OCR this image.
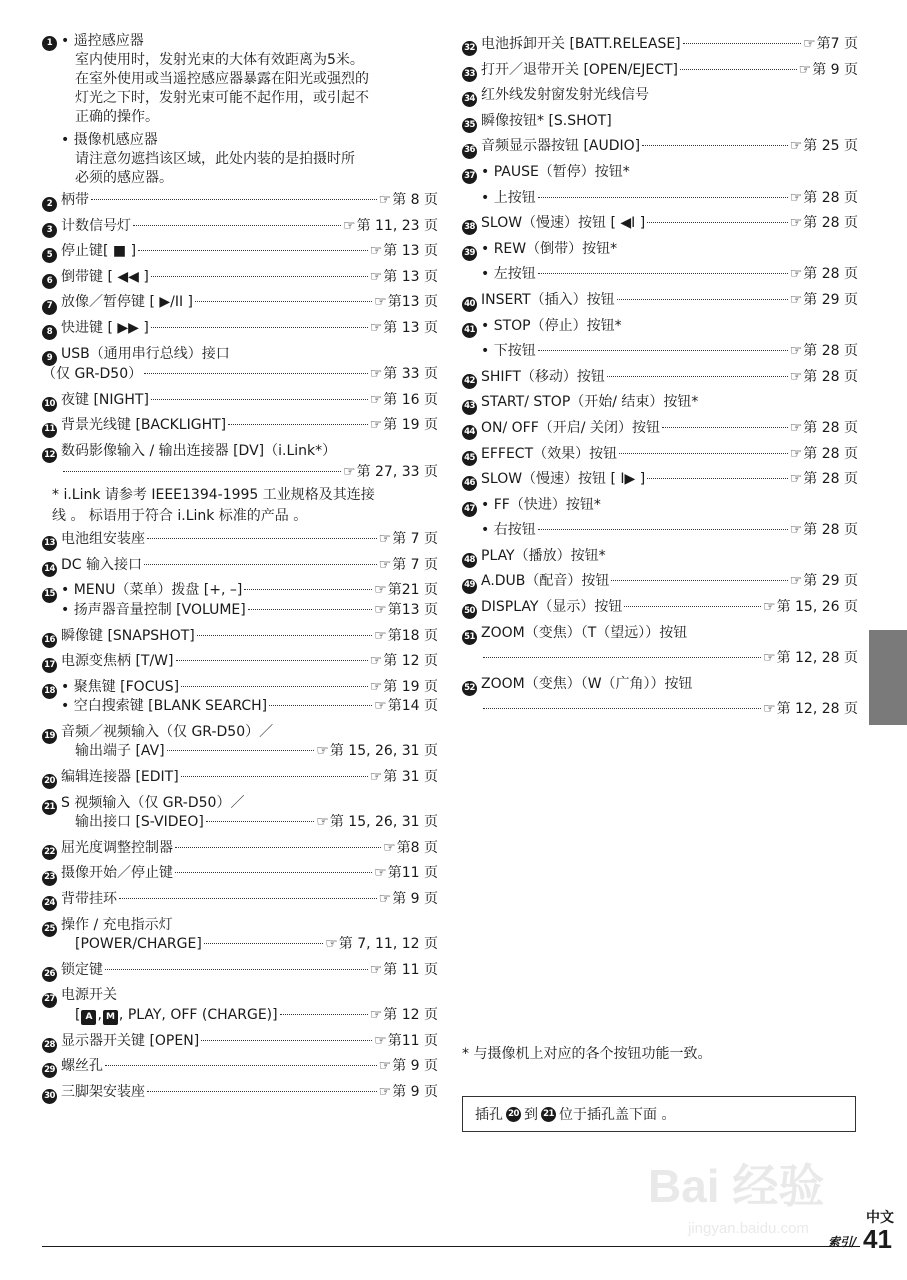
1 • 遥控感应器
室内使用时，发射光束的大体有效距离为5米。
在室外使用或当遥控感应器暴露在阳光或强烈的
灯光之下时，发射光束可能不起作用，或引起不
正确的操作。
• 摄像机感应器
请注意勿遮挡该区域，此处内装的是拍摄时所
必须的感应器。
2 柄带	☞ 第 8 页
3 计数信号灯	☞ 第 11, 23 页
5 停止键[ ■ ]	☞ 第 13 页
6 倒带键 [ ◀◀ ]	☞ 第 13 页
7 放像／暂停键 [ ▶/II ]	☞ 第13 页
8 快进键 [ ▶▶ ]	☞ 第 13 页
9 USB（通用串行总线）接口
（仅 GR-D50）	☞ 第 33 页
10 夜键 [NIGHT]	☞ 第 16 页
11 背景光线键 [BACKLIGHT]	☞ 第 19 页
12 数码影像输入 / 输出连接器 [DV]（i.Link*）
☞ 第 27, 33 页
* i.Link 请参考 IEEE1394-1995 工业规格及其连接
线 。 标语用于符合 i.Link 标准的产品 。
13 电池组安装座	☞ 第 7 页
14 DC 输入接口	☞ 第 7 页
15 • MENU（菜单）拨盘 [+, –]	☞ 第21 页
• 扬声器音量控制 [VOLUME]	☞ 第13 页
16 瞬像键 [SNAPSHOT]	☞ 第18 页
17 电源变焦柄 [T/W]	☞ 第 12 页
18 • 聚焦键 [FOCUS]	☞ 第 19 页
• 空白搜索键 [BLANK SEARCH]	☞ 第14 页
19 音频／视频输入（仅 GR-D50）／
输出端子 [AV]	☞ 第 15, 26, 31 页
20 编辑连接器 [EDIT]	☞ 第 31 页
21 S 视频输入（仅 GR-D50）／
输出接口 [S-VIDEO]	☞ 第 15, 26, 31 页
22 屈光度调整控制器	☞ 第8 页
23 摄像开始／停止键	☞ 第11 页
24 背带挂环	☞ 第 9 页
25 操作 / 充电指示灯
[POWER/CHARGE]	☞ 第 7, 11, 12 页
26 锁定键	☞ 第 11 页
27 电源开关
[ A , M , PLAY, OFF (CHARGE)]	☞ 第 12 页
28 显示器开关键 [OPEN]	☞ 第11 页
29 螺丝孔	☞ 第 9 页
30 三脚架安装座	☞ 第 9 页
32 电池拆卸开关 [BATT.RELEASE]	☞ 第7 页
33 打开／退带开关 [OPEN/EJECT]	☞ 第 9 页
34 红外线发射窗发射光线信号
35 瞬像按钮* [S.SHOT]
36 音频显示器按钮 [AUDIO]	☞ 第 25 页
37 • PAUSE（暂停）按钮*
• 上按钮	☞ 第 28 页
38 SLOW（慢速）按钮 [ ◀I ]	☞ 第 28 页
39 • REW（倒带）按钮*
• 左按钮	☞ 第 28 页
40 INSERT（插入）按钮	☞ 第 29 页
41 • STOP（停止）按钮*
• 下按钮	☞ 第 28 页
42 SHIFT（移动）按钮	☞ 第 28 页
43 START/ STOP（开始/ 结束）按钮*
44 ON/ OFF（开启/ 关闭）按钮	☞ 第 28 页
45 EFFECT（效果）按钮	☞ 第 28 页
46 SLOW（慢速）按钮 [ I▶ ]	☞ 第 28 页
47 • FF（快进）按钮*
• 右按钮	☞ 第 28 页
48 PLAY（播放）按钮*
49 A.DUB（配音）按钮	☞ 第 29 页
50 DISPLAY（显示）按钮	☞ 第 15, 26 页
51 ZOOM（变焦）（T（望远））按钮
☞ 第 12, 28 页
52 ZOOM（变焦）（W（广角））按钮
☞ 第 12, 28 页
* 与摄像机上对应的各个按钮功能一致。
插孔 20 到 21 位于插孔盖下面 。
Bai 经验
jingyan.baidu.com
中文
索引/ 41
